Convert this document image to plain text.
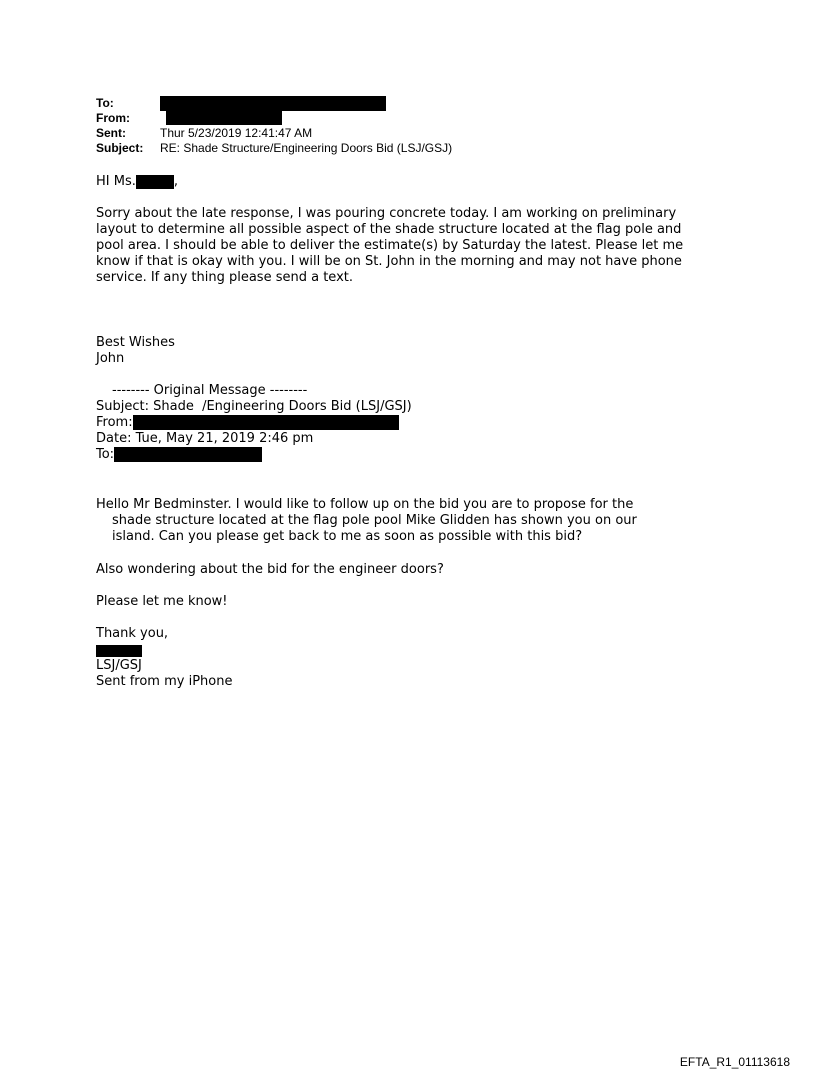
To:
From:
Sent:	Thur 5/23/2019 12:41:47 AM
Subject:	RE: Shade Structure/Engineering Doors Bid (LSJ/GSJ)
HI Ms.	,

Sorry about the late response, I was pouring concrete today. I am working on preliminary

layout to determine all possible aspect of the shade structure located at the flag pole and

pool area. I should be able to deliver the estimate(s) by Saturday the latest. Please let me

know if that is okay with you. I will be on St. John in the morning and may not have phone

service. If any thing please send a text.

Best Wishes

John

-------- Original Message --------

Subject: Shade  /Engineering Doors Bid (LSJ/GSJ)

From:

Date: Tue, May 21, 2019 2:46 pm

To:

Hello Mr Bedminster. I would like to follow up on the bid you are to propose for the

shade structure located at the flag pole pool Mike Glidden has shown you on our

island. Can you please get back to me as soon as possible with this bid?

Also wondering about the bid for the engineer doors?
Please let me know!

Thank you,

LSJ/GSJ

Sent from my iPhone

EFTA_R1_01113618
